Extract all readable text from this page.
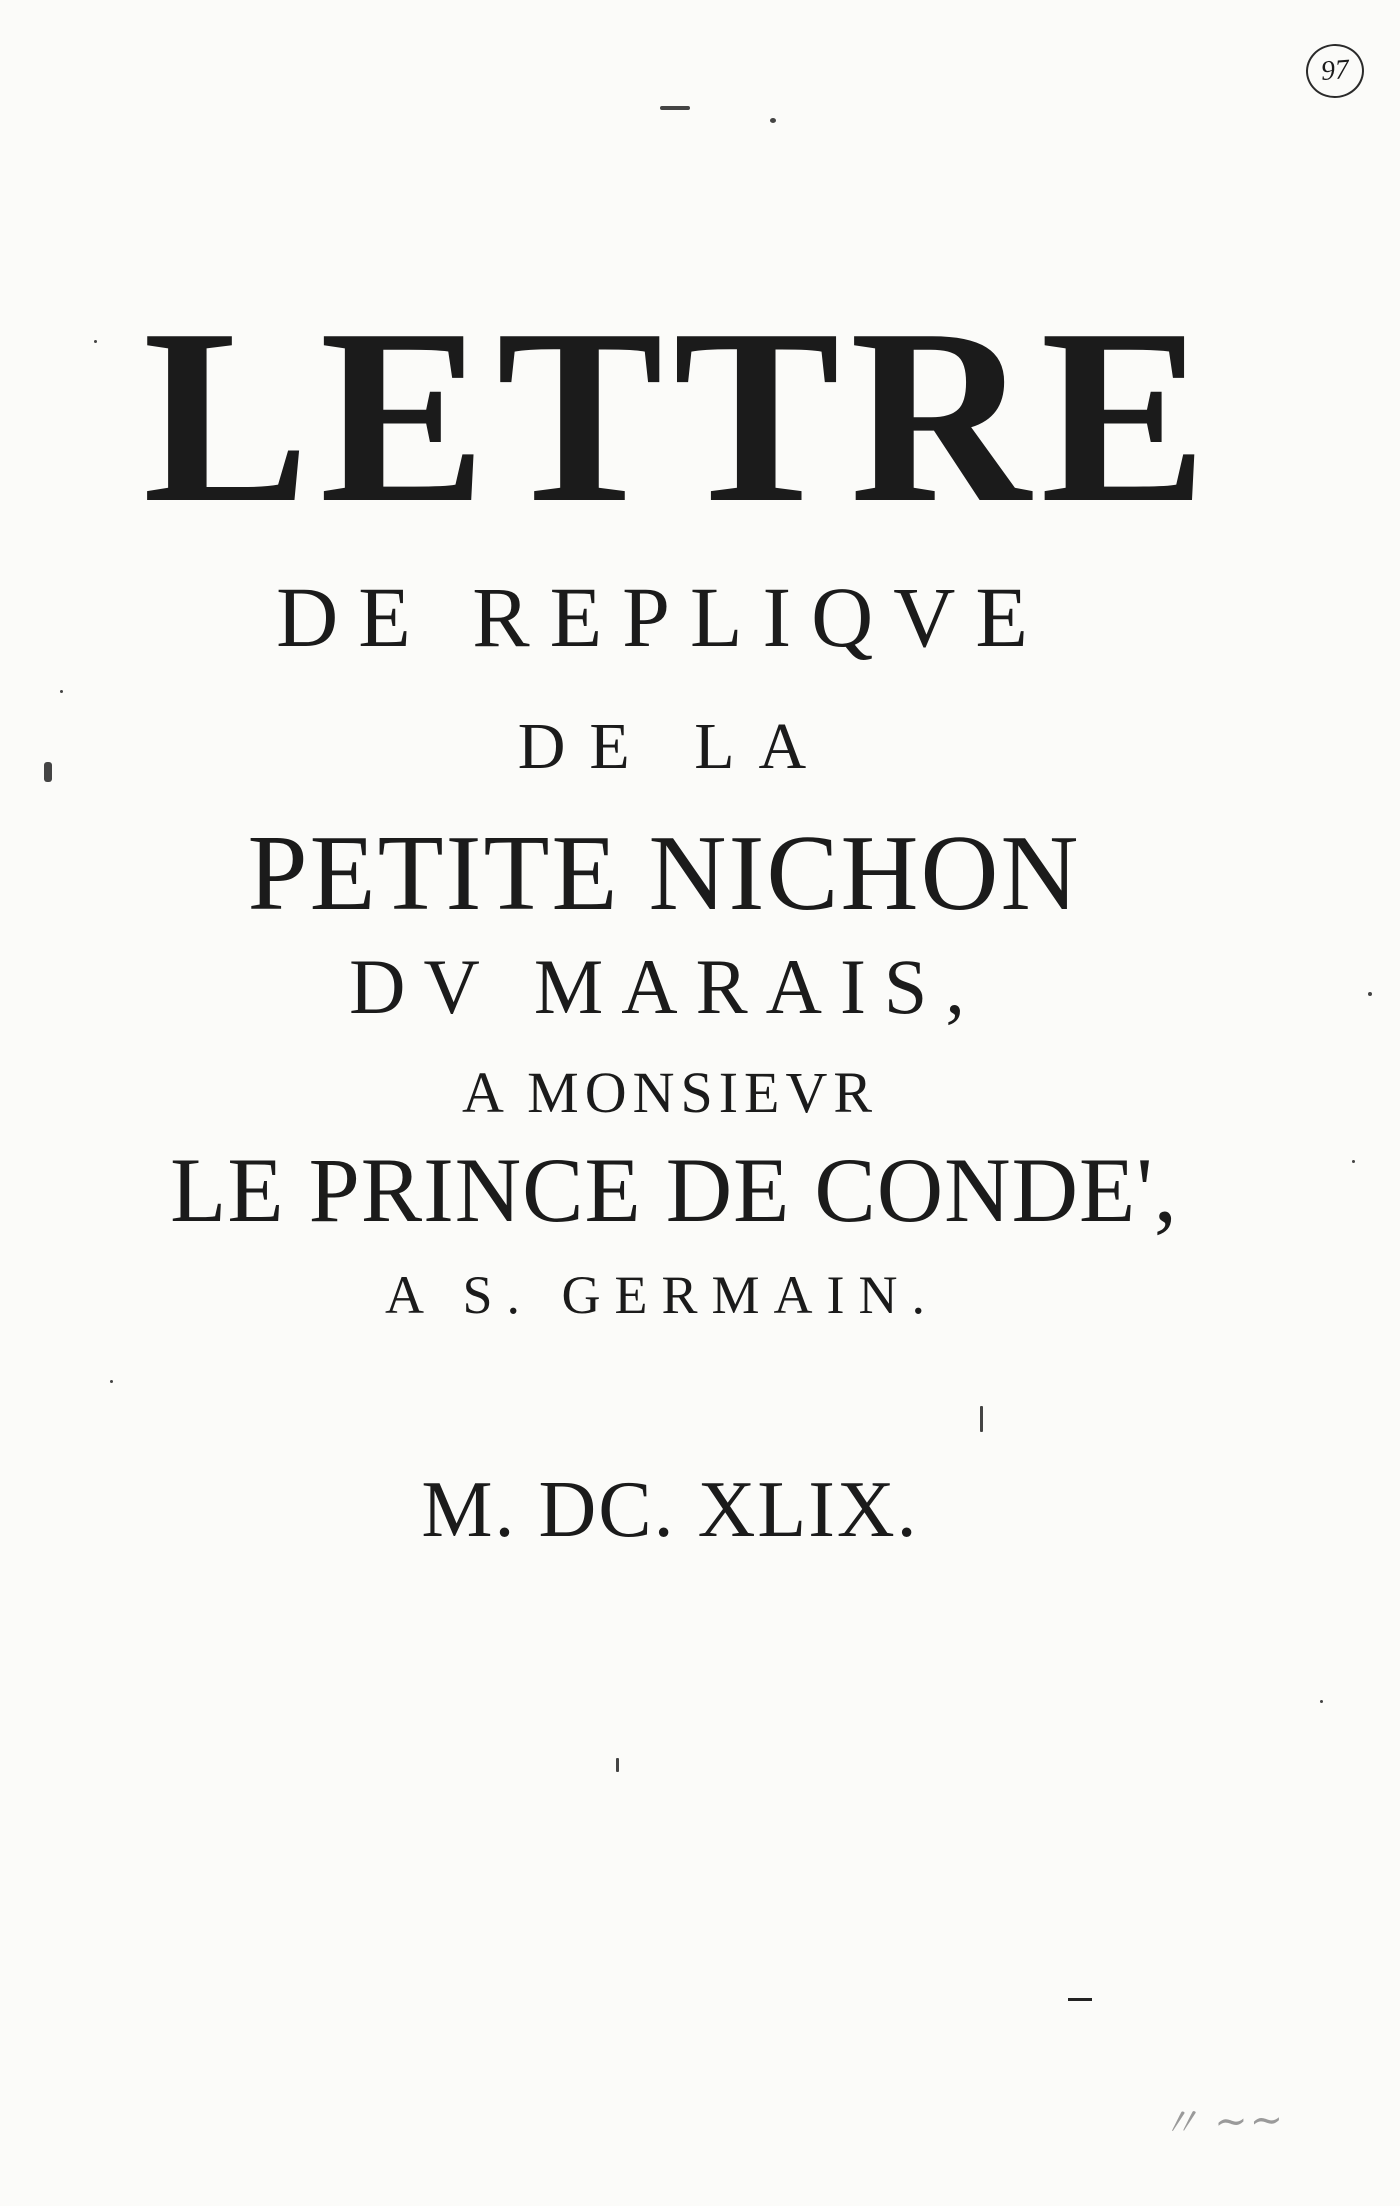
97
LETTRE
DE REPLIQVE
DE LA
PETITE NICHON
DV MARAIS,
A MONSIEVR
LE PRINCE DE CONDE',
A S. GERMAIN.
M. DC. XLIX.
〃 ∼∼
